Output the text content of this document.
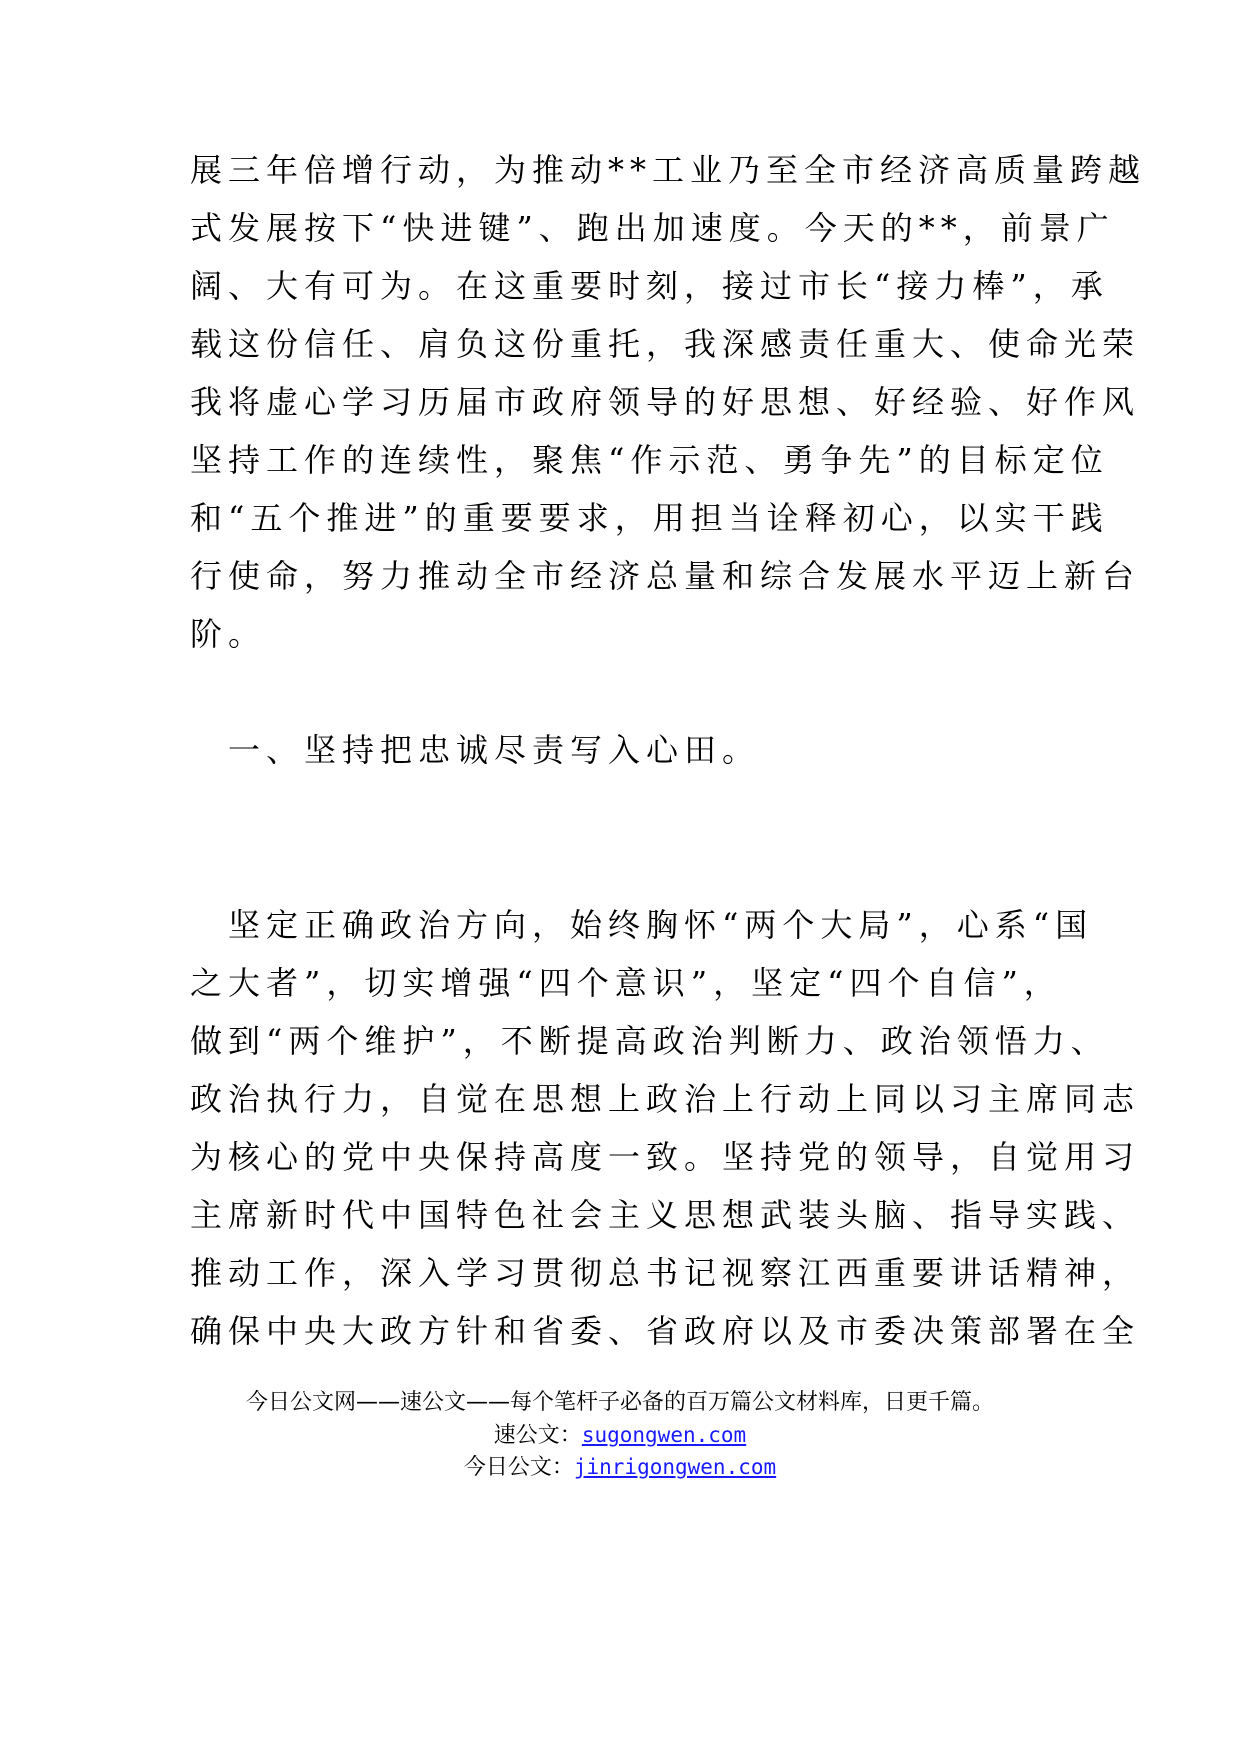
展三年倍增行动，为推动**工业乃至全市经济高质量跨越
式发展按下“快进键”、跑出加速度。今天的**，前景广
阔、大有可为。在这重要时刻，接过市长“接力棒”，承
载这份信任、肩负这份重托，我深感责任重大、使命光荣
我将虚心学习历届市政府领导的好思想、好经验、好作风
坚持工作的连续性，聚焦“作示范、勇争先”的目标定位
和“五个推进”的重要要求，用担当诠释初心，以实干践
行使命，努力推动全市经济总量和综合发展水平迈上新台
阶。
一、坚持把忠诚尽责写入心田。
坚定正确政治方向，始终胸怀“两个大局”，心系“国
之大者”，切实增强“四个意识”，坚定“四个自信”，
做到“两个维护”，不断提高政治判断力、政治领悟力、
政治执行力，自觉在思想上政治上行动上同以习主席同志
为核心的党中央保持高度一致。坚持党的领导，自觉用习
主席新时代中国特色社会主义思想武装头脑、指导实践、
推动工作，深入学习贯彻总书记视察江西重要讲话精神，
确保中央大政方针和省委、省政府以及市委决策部署在全
今日公文网——速公文——每个笔杆子必备的百万篇公文材料库，日更千篇。
速公文：sugongwen.com
今日公文：jinrigongwen.com
